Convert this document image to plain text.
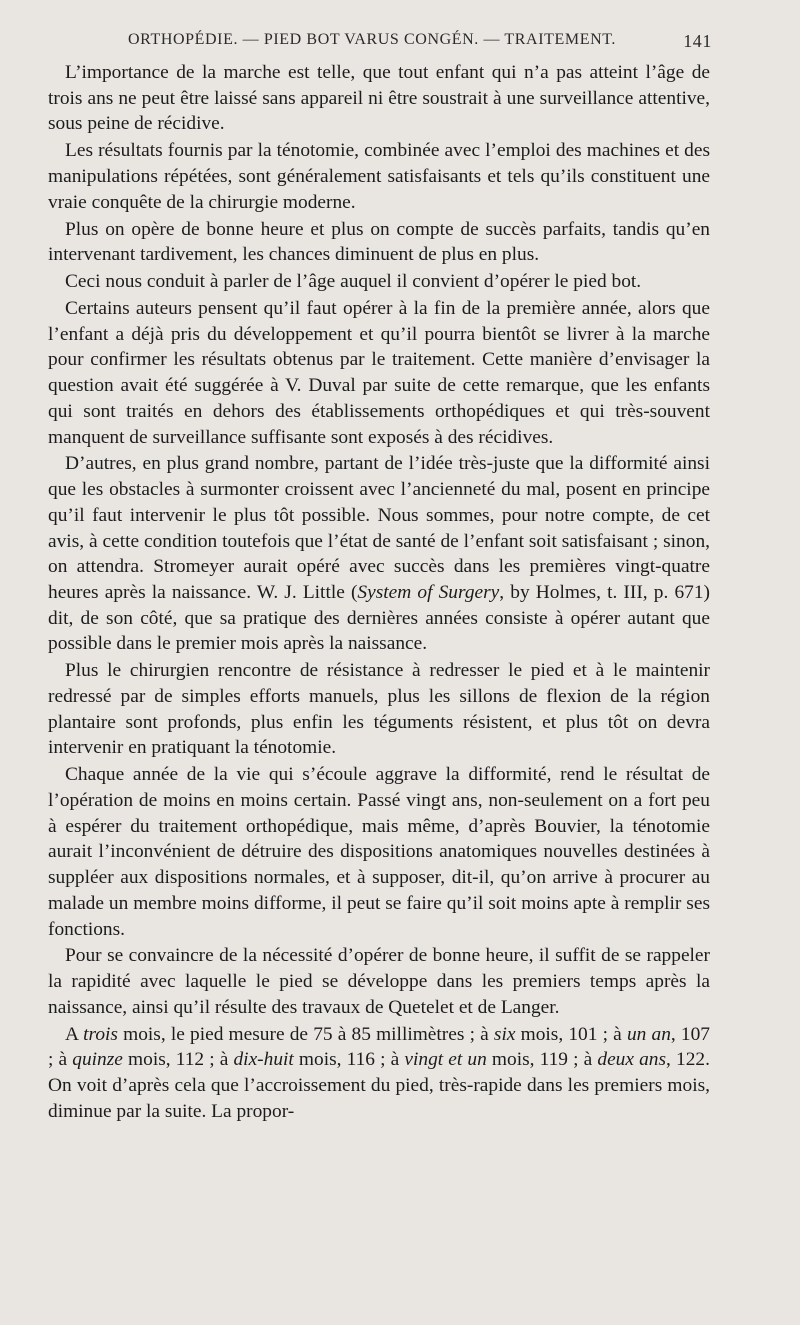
ORTHOPÉDIE. — PIED BOT VARUS CONGÉN. — TRAITEMENT.	141

L’importance de la marche est telle, que tout enfant qui n’a pas atteint l’âge de trois ans ne peut être laissé sans appareil ni être soustrait à une surveillance attentive, sous peine de récidive.

Les résultats fournis par la ténotomie, combinée avec l’emploi des machines et des manipulations répétées, sont généralement satisfaisants et tels qu’ils constituent une vraie conquête de la chirurgie moderne.

Plus on opère de bonne heure et plus on compte de succès parfaits, tandis qu’en intervenant tardivement, les chances diminuent de plus en plus.

Ceci nous conduit à parler de l’âge auquel il convient d’opérer le pied bot.

Certains auteurs pensent qu’il faut opérer à la fin de la première année, alors que l’enfant a déjà pris du développement et qu’il pourra bientôt se livrer à la marche pour confirmer les résultats obtenus par le traitement. Cette manière d’envisager la question avait été suggérée à V. Duval par suite de cette remarque, que les enfants qui sont traités en dehors des établissements orthopédiques et qui très-souvent manquent de surveillance suffisante sont exposés à des récidives.

D’autres, en plus grand nombre, partant de l’idée très-juste que la difformité ainsi que les obstacles à surmonter croissent avec l’ancienneté du mal, posent en principe qu’il faut intervenir le plus tôt possible. Nous sommes, pour notre compte, de cet avis, à cette condition toutefois que l’état de santé de l’enfant soit satisfaisant ; sinon, on attendra. Stromeyer aurait opéré avec succès dans les premières vingt-quatre heures après la naissance. W. J. Little (System of Surgery, by Holmes, t. III, p. 671) dit, de son côté, que sa pratique des dernières années consiste à opérer autant que possible dans le premier mois après la naissance.

Plus le chirurgien rencontre de résistance à redresser le pied et à le maintenir redressé par de simples efforts manuels, plus les sillons de flexion de la région plantaire sont profonds, plus enfin les téguments résistent, et plus tôt on devra intervenir en pratiquant la ténotomie.

Chaque année de la vie qui s’écoule aggrave la difformité, rend le résultat de l’opération de moins en moins certain. Passé vingt ans, non-seulement on a fort peu à espérer du traitement orthopédique, mais même, d’après Bouvier, la ténotomie aurait l’inconvénient de détruire des dispositions anatomiques nouvelles destinées à suppléer aux dispositions normales, et à supposer, dit-il, qu’on arrive à procurer au malade un membre moins difforme, il peut se faire qu’il soit moins apte à remplir ses fonctions.

Pour se convaincre de la nécessité d’opérer de bonne heure, il suffit de se rappeler la rapidité avec laquelle le pied se développe dans les premiers temps après la naissance, ainsi qu’il résulte des travaux de Quetelet et de Langer.

A trois mois, le pied mesure de 75 à 85 millimètres ; à six mois, 101 ; à un an, 107 ; à quinze mois, 112 ; à dix-huit mois, 116 ; à vingt et un mois, 119 ; à deux ans, 122. On voit d’après cela que l’accroissement du pied, très-rapide dans les premiers mois, diminue par la suite. La propor-
